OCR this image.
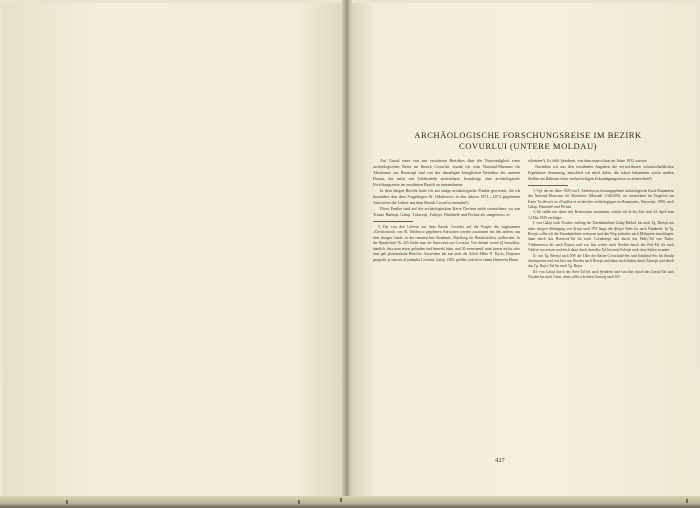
ARCHÄOLOGISCHE FORSCHUNGSREISE IM BEZIRK
COVURLUI (UNTERE MOLDAU)

Auf Grund eines von mir erstatteten Berichtes über die Notwendigkeit einer archäologischen Reise im Bezirk Covurlui, wurde ich vom National-Museum für Altertümer aus Bucureşti und von der damaligen königlichen Residenz der unteren Donau, die mich mit Geldmitteln unterstützte, beauftragt, eine archäologische Forschungsreise im erwähnten Bezirk zu unternehmen.

In dem obigen Bericht hatte ich auf einige archäologische Punkte gewiesen, die ich besonders den dem Fragebogen Al. Odobescu's in den Jahren 1871—1874 gegebenen Antworten der Lehrer aus dem Bezirk Covurlui entnahm¹).

Diese Punkte sind auf der archäologischen Karte Daciens nicht verzeichnet, wo nur Traian, Barboşi, Galaţi, Tulucești, Folteşti, Fântânele und Pechea als «ungewiss» er-

¹) Die von den Lehrern aus dem Bezirk Covurlui auf die Fragen des sogenannten «Chestionarul» von Al. Odobescu gegebenen Antworten werden zusammen mit den andern, aus dem übrigen Lande, in der rumänischen Akademie, Abteilung für Handschriften, aufbewahrt. In der Handschrift Nr. 225 findet man die Antworten aus Covurlui. Von diesem waren 24 brauchbar, nämlich, dass man etwas gefunden und bemerkt hätte, und 20 verneinend: man kannte nichts oder man gab phantastische Berichte. Ausserdem hat mir auch die Arbeit Melte N. Puru's, Dicţionar geografic şi statistic al judeţului Covurlui, Galaţi, 1893, geführt, jedoch in einem kleinerem Masse.

scheinen²). Es fehlt Şendreni, von dem man schon im Jahre 1912 wusste.

Nachdem ich aus den erwähnten Angaben die verwertbaren wissenschaftlichen Ergebnisse herauszog, entschied ich mich dafür, die schon bekannten sowie andern Stellen im Rahmen einer mehrwöchigen Erkundigungsreise zu erforschen³).

²) Vgl. die im Jahre 1929 von I. Andrieșescu herausgegebene archäologische Karte Rumäniens des National-Museums für Altertümer (Masstab 1:500.000); sie verzeichnet im Vergleich zur Karte Tocilescu's in «Fouilles et recherches archéologiques en Roumanie», Bucureşti, 1900, noch Galaţi, Fântânele und Pechea.

³) Ich stellte mir dabei drei Reiserouten zusammen, welche ich in der Zeit vom 24. April zum 14 Mai 1929 verfolgte:

I: von Galaţi nach Norden, entlang der Eisenbahnlinie Galaţi-Bârlad, bis nach Tg. Bereşti mit einer einigen Abbiegung von Şiviţa nach NW längs des Şiviţei-Tales bis nach Fântânele. In Tg. Bereşti sollte ich die Eisenbahnlinie verlassen und den Weg südwärts nach Mălușteni einschlagen; dann durch das Horincea-Tal bis nach Cavadineşti und durch das Pădis-Tal von Tudor-Vladimirescu bis nach Bujoru und von hier weiter nach Norden durch das Prut-Tal bis nach Vădeni vorstossen und mich dann durch dasselbe Tal bis nach Folteşti nach dem Süden wenden.

II: von Tg. Bereşti nach NW die Täler der Bäche Covurluiul-Sec und Suhulnul-Sec bis Smulţi durchqueren und von hier aus Norden nach Bereşti und dann nach Süden durch Zărneşti und durch das Tg. Bujor-Tal bis nach Tg. Bujor.

III: von Galaţi durch das Siret-Tal bis nach Şendreni und von hier durch das Geruil-Tal zum Norden bis nach Gerai, dann sollte ich einen Umweg nach SO

427
